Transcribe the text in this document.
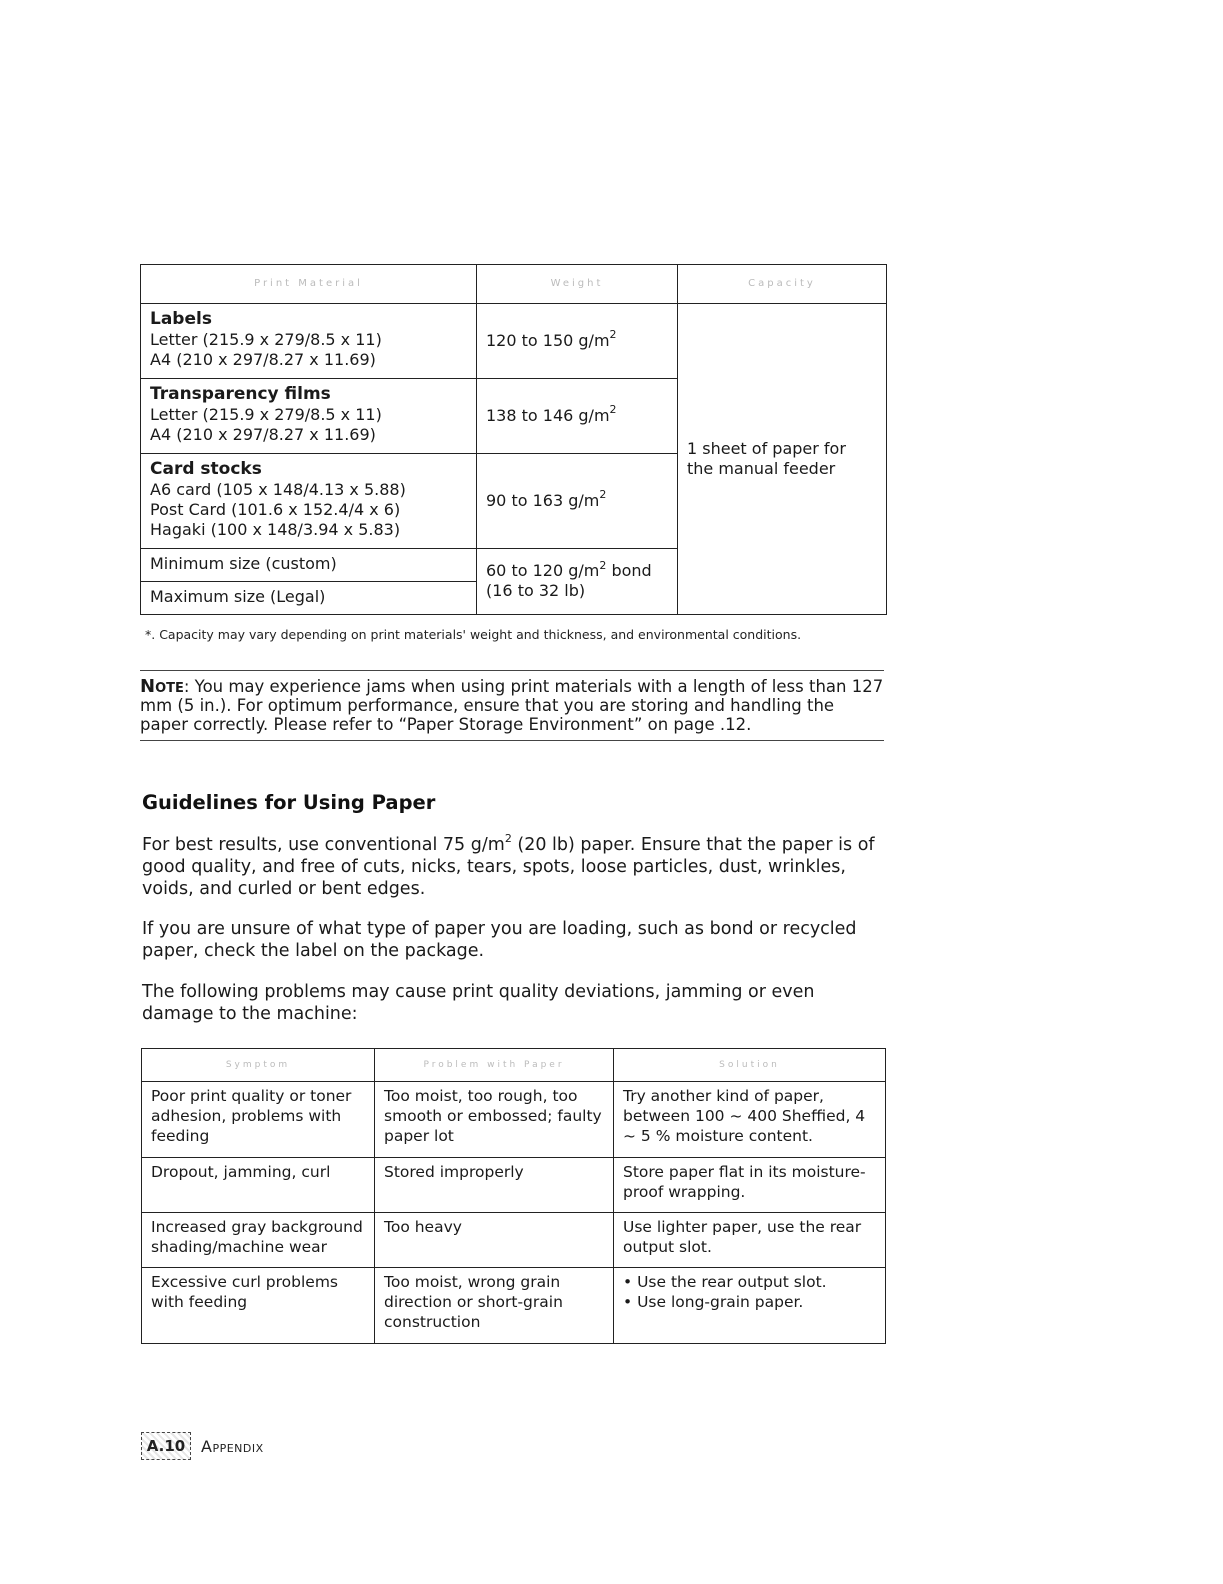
Print Material	Weight	Capacity

Labels
Letter (215.9 x 279/8.5 x 11)
A4 (210 x 297/8.27 x 11.69)	120 to 150 $g/m^2$	1 sheet of paper for the manual feeder

Transparency films
Letter (215.9 x 279/8.5 x 11)
A4 (210 x 297/8.27 x 11.69)	138 to 146 $g/m^2$

Card stocks
A6 card (105 x 148/4.13 x 5.88)
Post Card (101.6 x 152.4/4 x 6)
Hagaki (100 x 148/3.94 x 5.83)	90 to 163 $g/m^2$
Minimum size (custom)	60 to 120 $g/m^2$ bond
(16 to 32 lb)	
Maximum size (Legal)		
*. Capacity may vary depending on print materials' weight and thickness, and environmental conditions.
Note: You may experience jams when using print materials with a length of less than 127 mm (5 in.). For optimum performance, ensure that you are storing and handling the paper correctly. Please refer to “Paper Storage Environment” on page .12.
Guidelines for Using Paper
For best results, use conventional 75 $g/m^2$ (20 lb) paper. Ensure that the paper is of good quality, and free of cuts, nicks, tears, spots, loose particles, dust, wrinkles, voids, and curled or bent edges.
If you are unsure of what type of paper you are loading, such as bond or recycled paper, check the label on the package.
The following problems may cause print quality deviations, jamming or even damage to the machine:
Symptom	Problem with Paper	Solution
Poor print quality or toner adhesion, problems with feeding	Too moist, too rough, too smooth or embossed; faulty paper lot	Try another kind of paper, between 100 ~ 400 Sheffied, 4 ~ 5 % moisture content.
Dropout, jamming, curl	Stored improperly	Store paper flat in its moisture-proof wrapping.
Increased gray background shading/machine wear	Too heavy	Use lighter paper, use the rear output slot.
Excessive curl problems with feeding	Too moist, wrong grain direction or short-grain construction	• Use the rear output slot.
• Use long-grain paper.
A.10 Appendix
